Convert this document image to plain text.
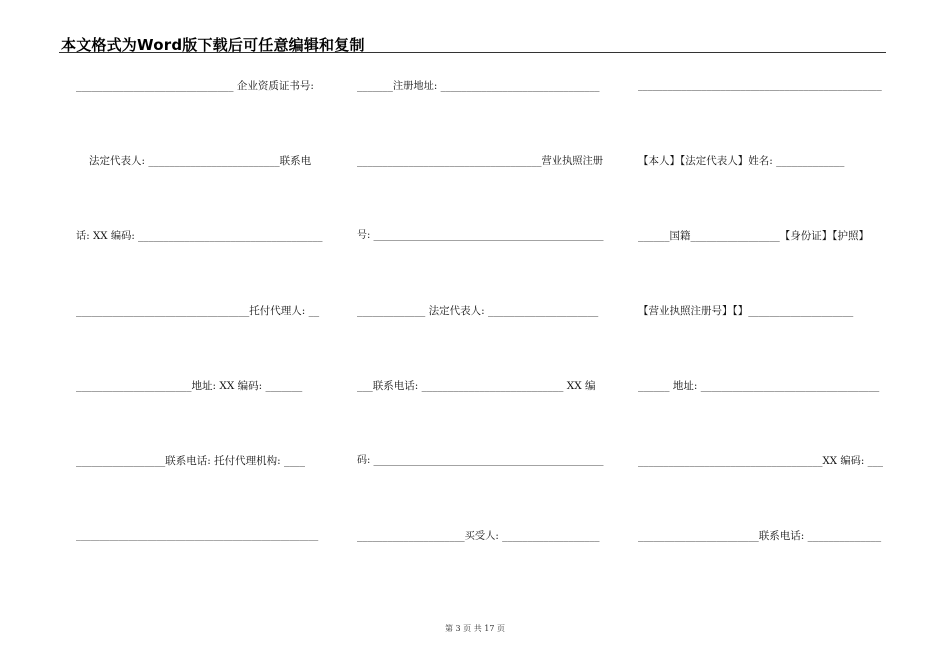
本文格式为Word版下载后可任意编辑和复制
______________________________ 企业资质证书号:
法定代表人: _________________________联系电
话: XX 编码: ____________________________________
_________________________________托付代理人: __
______________________地址: XX 编码: _______
_________________联系电话: 托付代理机构: ____
___________________________________________________
_______注册地址: _______________________________
____________________________________营业执照注册
号: ______________________________________________
_____________ 法定代表人: _____________________
___联系电话: ___________________________ XX 编
码: ______________________________________________
_____________________买受人: ___________________
__________________________________________________
【本人】【法定代表人】姓名: _____________
______国籍_________________【身份证】【护照】
【营业执照注册号】【】____________________
______ 地址: __________________________________
____________________________________XX 编码: ___
_______________________联系电话: ______________
第 3 页 共 17 页
